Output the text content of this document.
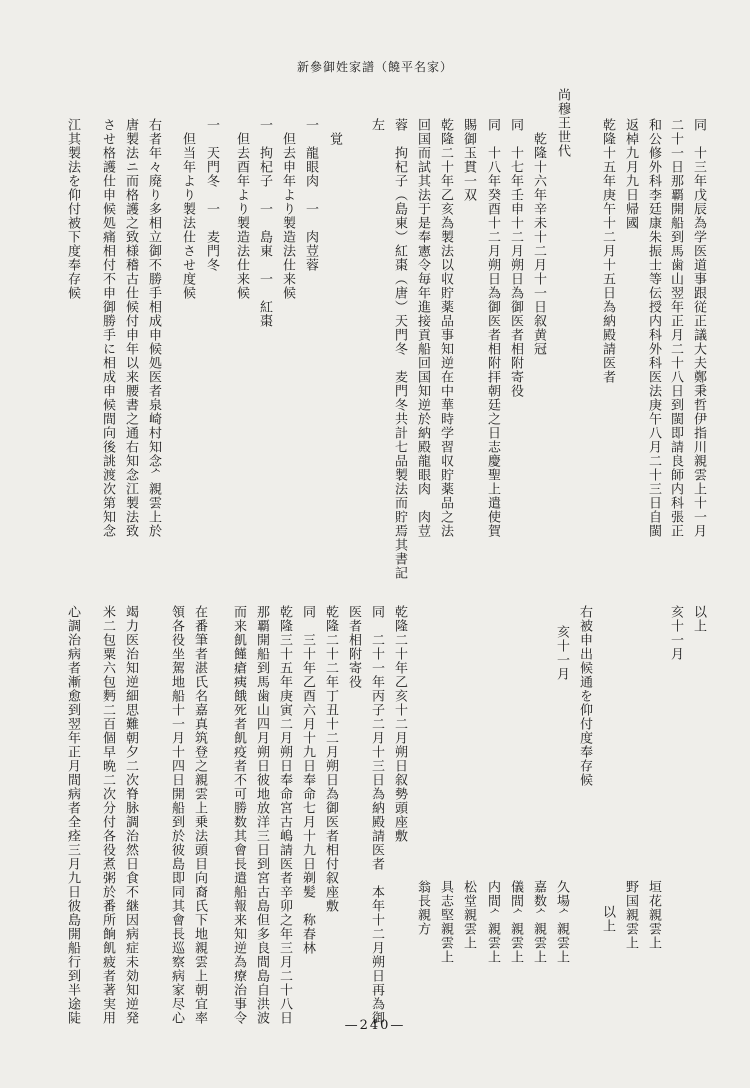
新參御姓家譜（饒平名家）
同　十三年戊辰為学医道事跟従正議大夫鄭秉哲伊指川親雲上十一月
二十一日那覇開船到馬歯山翌年正月二十八日到閩即請良師内科張正
和公修外科李廷康朱振士等伝授内科外科医法庚午八月二十三日自閩
返棹九月九日帰國
乾隆十五年庚午十二月十五日為納殿請医者
尚穆王世代
　乾隆十六年辛未十二月十一日叙黄冠
同　十七年壬申十二月朔日為御医者相附寄役
同　十八年癸酉十二月朔日為御医者相附拝朝廷之日志慶聖上遣使賀
賜御玉貫一双
乾隆二十年乙亥為製法以収貯薬品事知逆在中華時学習収貯薬品之法
回国而試其法于是奉憲令毎年進接貢船回国知逆於納殿龍眼肉　肉荳
蓉　拘杞子（島東）紅棗（唐）天門冬　麦門冬共計七品製法而貯焉其書記
左
　覚
一　龍眼肉　一　肉荳蓉
　但去申年より製造法仕来候
一　拘杞子　一　島東　一　紅棗
　但去酉年より製造法仕来候
一　天門冬　一　麦門冬
　但当年より製法仕させ度候
右者年々廃り多相立御不勝手相成申候処医者泉崎村知念ᄼ親雲上於
唐製法ニ而格護之致様稽古仕候付申年以来腰書之通右知念江製法致
させ格護仕申候処痛相付不申御勝手に相成申候間向後誂渡次第知念
江其製法を仰付被下度奉存候
以上
亥十一月
垣花親雲上
野国親雲上
以上
右被申出候通を仰付度奉存候
亥十一月
久場ᄼ親雲上
嘉数ᄼ親雲上
儀間ᄼ親雲上
内間ᄼ親雲上
松堂親雲上
具志堅親雲上
翁長親方
乾隆二十年乙亥十二月朔日叙勢頭座敷
同　二十一年丙子二月十三日為納殿請医者　本年十二月朔日再為御
医者相附寄役
乾隆二十二年丁丑十二月朔日為御医者相付叙座敷
同　三十年乙酉六月十九日奉命七月十九日剃髪　称春林
乾隆三十五年庚寅二月朔日奉命宮古嶋請医者辛卯之年三月二十八日
那覇開船到馬歯山四月朔日彼地放洋三日到宮古島但多良間島自洪波
而来飢饉瘡痍餓死者飢疫者不可勝数其會長遣船報来知逆為療治事令
在番筆者湛氏名嘉真筑登之親雲上乗法頭目向裔氏下地親雲上朝宜率
領各役坐駕地船十一月十四日開船到於彼島即同其會長巡察病家尽心
竭力医治知逆細思難朝夕二次脊脉調治然日食不継因病症未効知逆発
米二包粟六包麪二百個早晩二次分付各役煮粥於番所餉飢疲者著実用
心調治病者漸愈到翌年正月間病者全痊三月九日彼島開船行到半途陡
—240—
